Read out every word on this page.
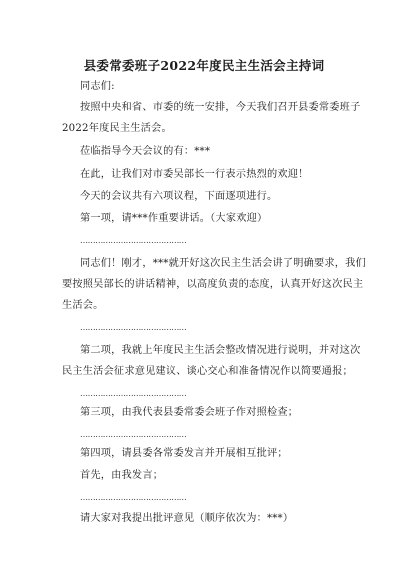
县委常委班子2022年度民主生活会主持词
同志们:
按照中央和省、市委的统一安排，今天我们召开县委常委班子
2022年度民主生活会。
莅临指导今天会议的有：***
在此，让我们对市委吴部长一行表示热烈的欢迎！
今天的会议共有六项议程，下面逐项进行。
第一项，请***作重要讲话。（大家欢迎）
……………………………………
同志们！刚才，***就开好这次民主生活会讲了明确要求，我们
要按照吴部长的讲话精神，以高度负责的态度，认真开好这次民主
生活会。
……………………………………
第二项，我就上年度民主生活会整改情况进行说明，并对这次
民主生活会征求意见建议、谈心交心和准备情况作以简要通报；
……………………………………
第三项，由我代表县委常委会班子作对照检查；
……………………………………
第四项，请县委各常委发言并开展相互批评；
首先，由我发言；
……………………………………
请大家对我提出批评意见（顺序依次为：***）
